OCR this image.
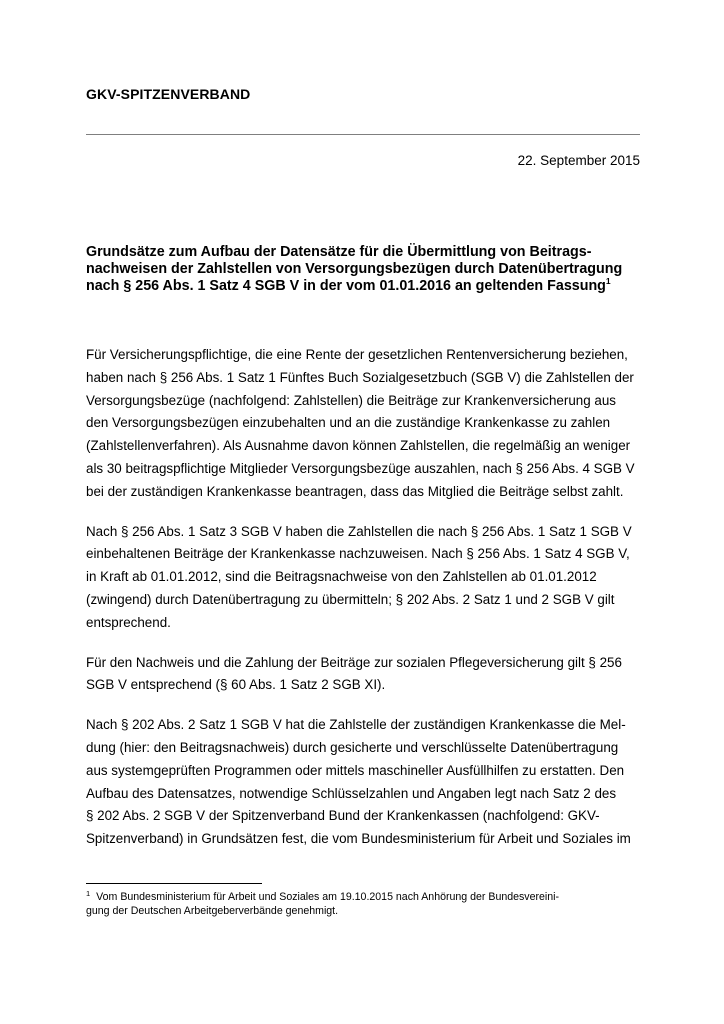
GKV-SPITZENVERBAND
22. September 2015
Grundsätze zum Aufbau der Datensätze für die Übermittlung von Beitrags-
nachweisen der Zahlstellen von Versorgungsbezügen durch Datenübertragung
nach § 256 Abs. 1 Satz 4 SGB V in der vom 01.01.2016 an geltenden Fassung$^1$

Für Versicherungspflichtige, die eine Rente der gesetzlichen Rentenversicherung beziehen,
haben nach § 256 Abs. 1 Satz 1 Fünftes Buch Sozialgesetzbuch (SGB V) die Zahlstellen der
Versorgungsbezüge (nachfolgend: Zahlstellen) die Beiträge zur Krankenversicherung aus
den Versorgungsbezügen einzubehalten und an die zuständige Krankenkasse zu zahlen
(Zahlstellenverfahren). Als Ausnahme davon können Zahlstellen, die regelmäßig an weniger
als 30 beitragspflichtige Mitglieder Versorgungsbezüge auszahlen, nach § 256 Abs. 4 SGB V
bei der zuständigen Krankenkasse beantragen, dass das Mitglied die Beiträge selbst zahlt.

Nach § 256 Abs. 1 Satz 3 SGB V haben die Zahlstellen die nach § 256 Abs. 1 Satz 1 SGB V
einbehaltenen Beiträge der Krankenkasse nachzuweisen. Nach § 256 Abs. 1 Satz 4 SGB V,
in Kraft ab 01.01.2012, sind die Beitragsnachweise von den Zahlstellen ab 01.01.2012
(zwingend) durch Datenübertragung zu übermitteln; § 202 Abs. 2 Satz 1 und 2 SGB V gilt
entsprechend.

Für den Nachweis und die Zahlung der Beiträge zur sozialen Pflegeversicherung gilt § 256
SGB V entsprechend (§ 60 Abs. 1 Satz 2 SGB XI).

Nach § 202 Abs. 2 Satz 1 SGB V hat die Zahlstelle der zuständigen Krankenkasse die Mel-
dung (hier: den Beitragsnachweis) durch gesicherte und verschlüsselte Datenübertragung
aus systemgeprüften Programmen oder mittels maschineller Ausfüllhilfen zu erstatten. Den
Aufbau des Datensatzes, notwendige Schlüsselzahlen und Angaben legt nach Satz 2 des
§ 202 Abs. 2 SGB V der Spitzenverband Bund der Krankenkassen (nachfolgend: GKV-
Spitzenverband) in Grundsätzen fest, die vom Bundesministerium für Arbeit und Soziales im

$^1$ Vom Bundesministerium für Arbeit und Soziales am 19.10.2015 nach Anhörung der Bundesvereini-
gung der Deutschen Arbeitgeberverbände genehmigt.
